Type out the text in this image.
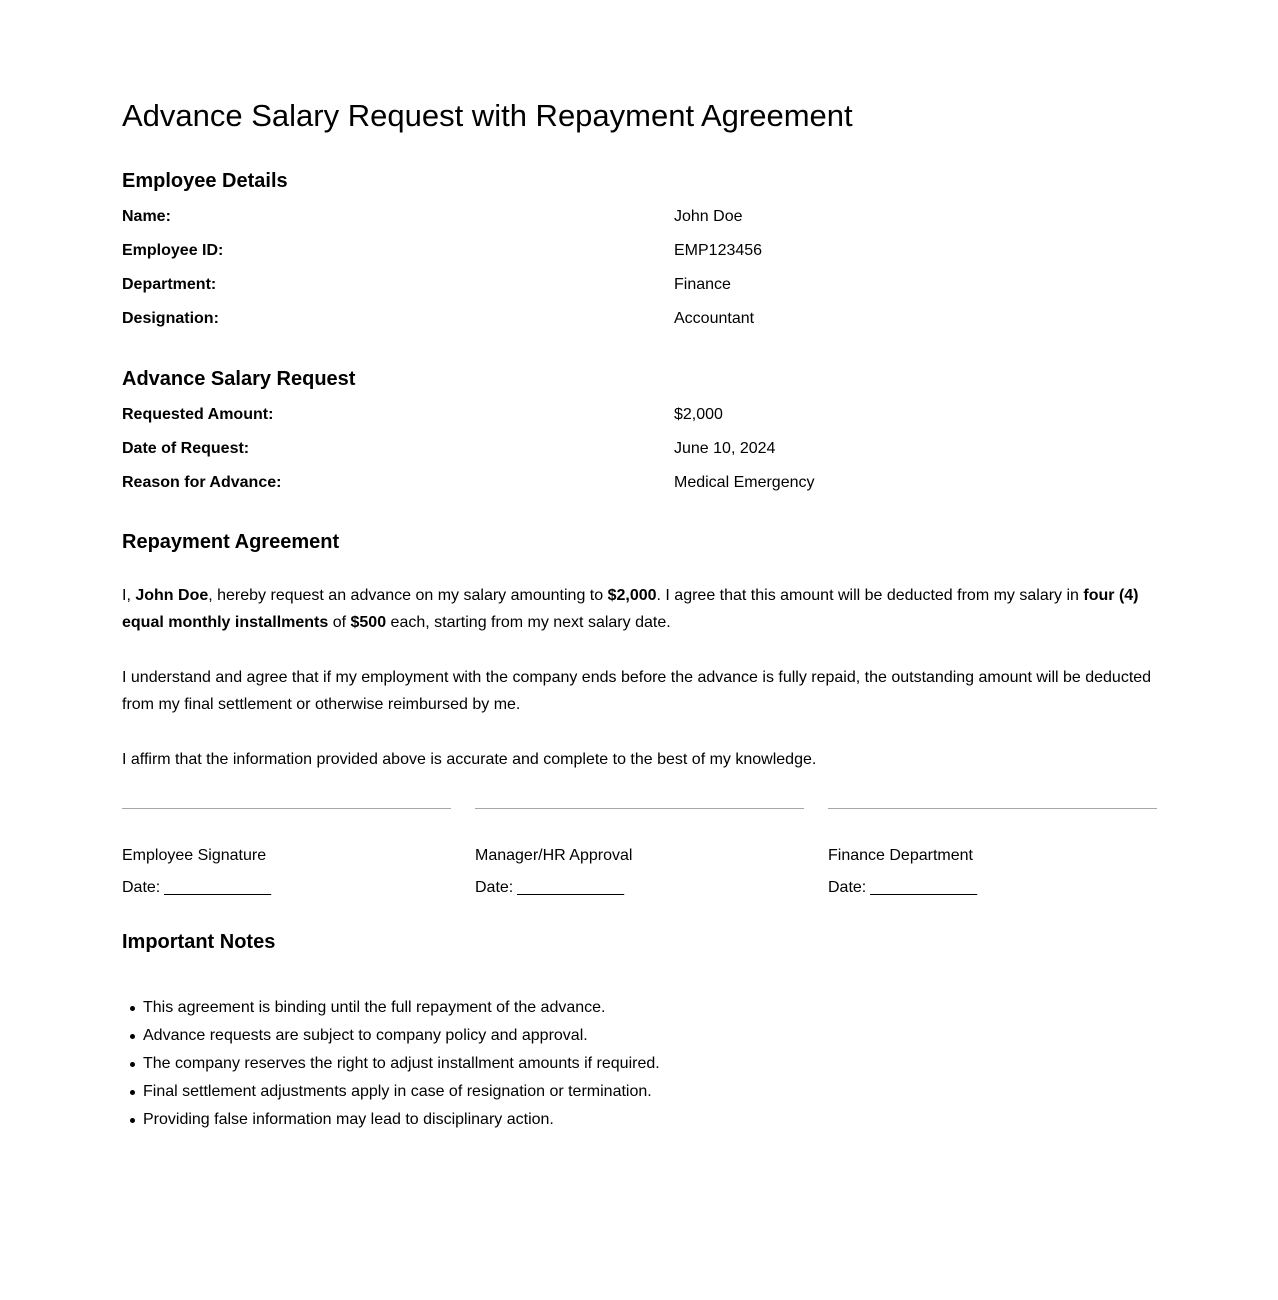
Advance Salary Request with Repayment Agreement
Employee Details
Name:	John Doe
Employee ID:	EMP123456
Department:	Finance
Designation:	Accountant
Advance Salary Request
Requested Amount:	$2,000
Date of Request:	June 10, 2024
Reason for Advance:	Medical Emergency
Repayment Agreement

I, John Doe, hereby request an advance on my salary amounting to $2,000. I agree that this amount will be deducted from my salary in four (4) equal monthly installments of $500 each, starting from my next salary date.

I understand and agree that if my employment with the company ends before the advance is fully repaid, the outstanding amount will be deducted from my final settlement or otherwise reimbursed by me.

I affirm that the information provided above is accurate and complete to the best of my knowledge.

Employee Signature
Date: ____________
Manager/HR Approval
Date: ____________
Finance Department
Date: ____________
Important Notes
This agreement is binding until the full repayment of the advance.
Advance requests are subject to company policy and approval.
The company reserves the right to adjust installment amounts if required.
Final settlement adjustments apply in case of resignation or termination.
Providing false information may lead to disciplinary action.
